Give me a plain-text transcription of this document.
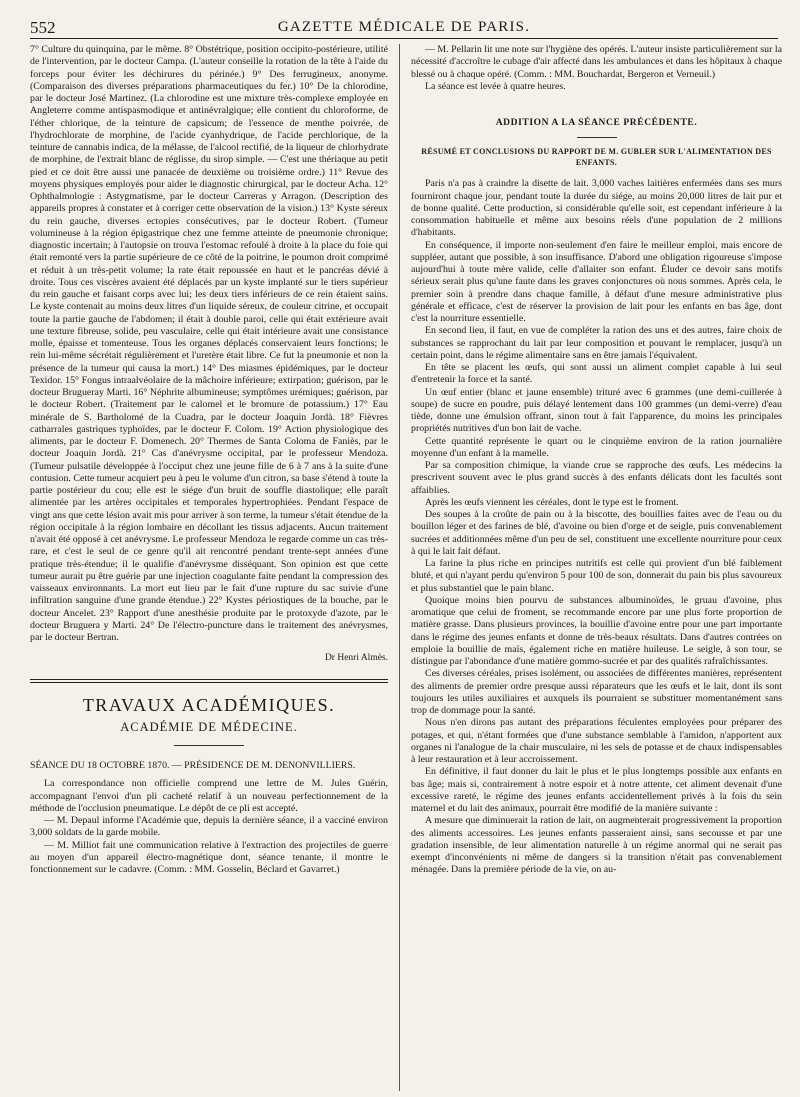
552	GAZETTE MÉDICALE DE PARIS.

7° Culture du quinquina, par le même. 8° Obstétrique, position occipito-postérieure, utilité de l'intervention, par le docteur Campa. (L'auteur conseille la rotation de la tête à l'aide du forceps pour éviter les déchirures du périnée.) 9° Des ferrugineux, anonyme. (Comparaison des diverses préparations pharmaceutiques du fer.) 10° De la chlorodine, par le docteur José Martinez. (La chlorodine est une mixture très-complexe employée en Angleterre comme antispasmodique et antinévralgique; elle contient du chloroforme, de l'éther chlorique, de la teinture de capsicum; de l'essence de menthe poivrée, de l'hydrochlorate de morphine, de l'acide cyanhydrique, de l'acide perchlorique, de la teinture de cannabis indica, de la mélasse, de l'alcool rectifié, de la liqueur de chlorhydrate de morphine, de l'extrait blanc de réglisse, du sirop simple. — C'est une thériaque au petit pied et ce doit être aussi une panacée de deuxième ou troisième ordre.) 11° Revue des moyens physiques employés pour aider le diagnostic chirurgical, par le docteur Acha. 12° Ophthalmologie : Astygmatisme, par le docteur Carreras y Arragon. (Description des appareils propres à constater et à corriger cette observation de la vision.) 13° Kyste séreux du rein gauche, diverses ectopies consécutives, par le docteur Robert. (Tumeur volumineuse à la région épigastrique chez une femme atteinte de pneumonie chronique; diagnostic incertain; à l'autopsie on trouva l'estomac refoulé à droite à la place du foie qui était remonté vers la partie supérieure de ce côté de la poitrine, le poumon droit comprimé et réduit à un très-petit volume; la rate était repoussée en haut et le pancréas dévié à droite. Tous ces viscères avaient été déplacés par un kyste implanté sur le tiers supérieur du rein gauche et faisant corps avec lui; les deux tiers inférieurs de ce rein étaient sains. Le kyste contenait au moins deux litres d'un liquide séreux, de couleur citrine, et occupait toute la partie gauche de l'abdomen; il était à double paroi, celle qui était extérieure avait une texture fibreuse, solide, peu vasculaire, celle qui était intérieure avait une consistance molle, épaisse et tomenteuse. Tous les organes déplacés conservaient leurs fonctions; le rein lui-même sécrétait régulièrement et l'uretère était libre. Ce fut la pneumonie et non la présence de la tumeur qui causa la mort.) 14° Des miasmes épidémiques, par le docteur Texidor. 15° Fongus intraalvéolaire de la mâchoire inférieure; extirpation; guérison, par le docteur Brugueray Marti. 16° Néphrite albumineuse; symptômes urémiques; guérison, par le docteur Robert. (Traitement par le calomel et le bromure de potassium.) 17° Eau minérale de S. Bartholomé de la Cuadra, par le docteur Joaquin Jordà. 18° Fièvres catharrales gastriques typhoïdes, par le docteur F. Colom. 19° Action physiologique des aliments, par le docteur F. Domenech. 20° Thermes de Santa Coloma de Faniès, par le docteur Joaquin Jordà. 21° Cas d'anévrysme occipital, par le professeur Mendoza. (Tumeur pulsatile développée à l'occiput chez une jeune fille de 6 à 7 ans à la suite d'une contusion. Cette tumeur acquiert peu à peu le volume d'un citron, sa base s'étend à toute la partie postérieur du cou; elle est le siége d'un bruit de souffle diastolique; elle paraît alimentée par les artères occipitales et temporales hypertrophiées. Pendant l'espace de vingt ans que cette lésion avait mis pour arriver à son terme, la tumeur s'était étendue de la région occipitale à la région lombaire en décollant les tissus adjacents. Aucun traitement n'avait été opposé à cet anévrysme. Le professeur Mendoza le regarde comme un cas très-rare, et c'est le seul de ce genre qu'il ait rencontré pendant trente-sept années d'une pratique très-étendue; il le qualifie d'anévrysme disséquant. Son opinion est que cette tumeur aurait pu être guérie par une injection coagulante faite pendant la compression des vaisseaux environnants. La mort eut lieu par le fait d'une rupture du sac suivie d'une infiltration sanguine d'une grande étendue.) 22° Kystes périostiques de la bouche, par le docteur Ancelet. 23° Rapport d'une anesthésie produite par le protoxyde d'azote, par le docteur Bruguera y Marti. 24° De l'électro-puncture dans le traitement des anévrysmes, par le docteur Bertran.

Dr Henri Almès.
TRAVAUX ACADÉMIQUES.
ACADÉMIE DE MÉDECINE.
SÉANCE DU 18 OCTOBRE 1870. — PRÉSIDENCE DE M. DENONVILLIERS.

La correspondance non officielle comprend une lettre de M. Jules Guérin, accompagnant l'envoi d'un pli cacheté relatif à un nouveau perfectionnement de la méthode de l'occlusion pneumatique. Le dépôt de ce pli est accepté.

— M. Depaul informe l'Académie que, depuis la dernière séance, il a vacciné environ 3,000 soldats de la garde mobile.

— M. Milliot fait une communication relative à l'extraction des projectiles de guerre au moyen d'un appareil électro-magnétique dont, séance tenante, il montre le fonctionnement sur le cadavre. (Comm. : MM. Gosselin, Béclard et Gavarret.)

— M. Pellarin lit une note sur l'hygiène des opérés. L'auteur insiste particulièrement sur la nécessité d'accroître le cubage d'air affecté dans les ambulances et dans les hôpitaux à chaque blessé ou à chaque opéré. (Comm. : MM. Bouchardat, Bergeron et Verneuil.)

La séance est levée à quatre heures.

ADDITION A LA SÉANCE PRÉCÉDENTE.
RÉSUMÉ ET CONCLUSIONS DU RAPPORT DE M. GUBLER SUR L'ALIMENTATION DES ENFANTS.

Paris n'a pas à craindre la disette de lait. 3,000 vaches laitières enfermées dans ses murs fourniront chaque jour, pendant toute la durée du siége, au moins 20,000 litres de lait pur et de bonne qualité. Cette production, si considérable qu'elle soit, est cependant inférieure à la consommation habituelle et même aux besoins réels d'une population de 2 millions d'habitants.

En conséquence, il importe non-seulement d'en faire le meilleur emploi, mais encore de suppléer, autant que possible, à son insuffisance. D'abord une obligation rigoureuse s'impose aujourd'hui à toute mère valide, celle d'allaiter son enfant. Éluder ce devoir sans motifs sérieux serait plus qu'une faute dans les graves conjonctures où nous sommes. Après cela, le premier soin à prendre dans chaque famille, à défaut d'une mesure administrative plus générale et efficace, c'est de réserver la provision de lait pour les enfants en bas âge, dont c'est la nourriture essentielle.

En second lieu, il faut, en vue de compléter la ration des uns et des autres, faire choix de substances se rapprochant du lait par leur composition et pouvant le remplacer, jusqu'à un certain point, dans le régime alimentaire sans en être jamais l'équivalent.

En tête se placent les œufs, qui sont aussi un aliment complet capable à lui seul d'entretenir la force et la santé.

Un œuf entier (blanc et jaune ensemble) trituré avec 6 grammes (une demi-cuillerée à soupe) de sucre en poudre, puis délayé lentement dans 100 grammes (un demi-verre) d'eau tiède, donne une émulsion offrant, sinon tout à fait l'apparence, du moins les principales propriétés nutritives d'un bon lait de vache.

Cette quantité représente le quart ou le cinquième environ de la ration journalière moyenne d'un enfant à la mamelle.

Par sa composition chimique, la viande crue se rapproche des œufs. Les médecins la prescrivent souvent avec le plus grand succès à des enfants délicats dont les facultés sont affaiblies.

Après les œufs viennent les céréales, dont le type est le froment.

Des soupes à la croûte de pain ou à la biscotte, des bouillies faites avec de l'eau ou du bouillon léger et des farines de blé, d'avoine ou bien d'orge et de seigle, puis convenablement sucrées et additionnées même d'un peu de sel, constituent une excellente nourriture pour ceux à qui le lait fait défaut.

La farine la plus riche en principes nutritifs est celle qui provient d'un blé faiblement bluté, et qui n'ayant perdu qu'environ 5 pour 100 de son, donnerait du pain bis plus savoureux et plus substantiel que le pain blanc.

Quoique moins bien pourvu de substances albuminoïdes, le gruau d'avoine, plus aromatique que celui de froment, se recommande encore par une plus forte proportion de matière grasse. Dans plusieurs provinces, la bouillie d'avoine entre pour une part importante dans le régime des jeunes enfants et donne de très-beaux résultats. Dans d'autres contrées on emploie la bouillie de maïs, également riche en matière huileuse. Le seigle, à son tour, se distingue par l'abondance d'une matière gommo-sucrée et par des qualités rafraîchissantes.

Ces diverses céréales, prises isolément, ou associées de différentes manières, représentent des aliments de premier ordre presque aussi réparateurs que les œufs et le lait, dont ils sont toujours les utiles auxiliaires et auxquels ils pourraient se substituer momentanément sans trop de dommage pour la santé.

Nous n'en dirons pas autant des préparations féculentes employées pour préparer des potages, et qui, n'étant formées que d'une substance semblable à l'amidon, n'apportent aux organes ni l'analogue de la chair musculaire, ni les sels de potasse et de chaux indispensables à leur restauration et à leur accroissement.

En définitive, il faut donner du lait le plus et le plus longtemps possible aux enfants en bas âge; mais si, contrairement à notre espoir et à notre attente, cet aliment devenait d'une excessive rareté, le régime des jeunes enfants accidentellement privés à la fois du sein maternel et du lait des animaux, pourrait être modifié de la manière suivante :

A mesure que diminuerait la ration de lait, on augmenterait progressivement la proportion des aliments accessoires. Les jeunes enfants passeraient ainsi, sans secousse et par une gradation insensible, de leur alimentation naturelle à un régime anormal qui ne serait pas exempt d'inconvénients ni même de dangers si la transition n'était pas convenablement ménagée. Dans la première période de la vie, on au-
